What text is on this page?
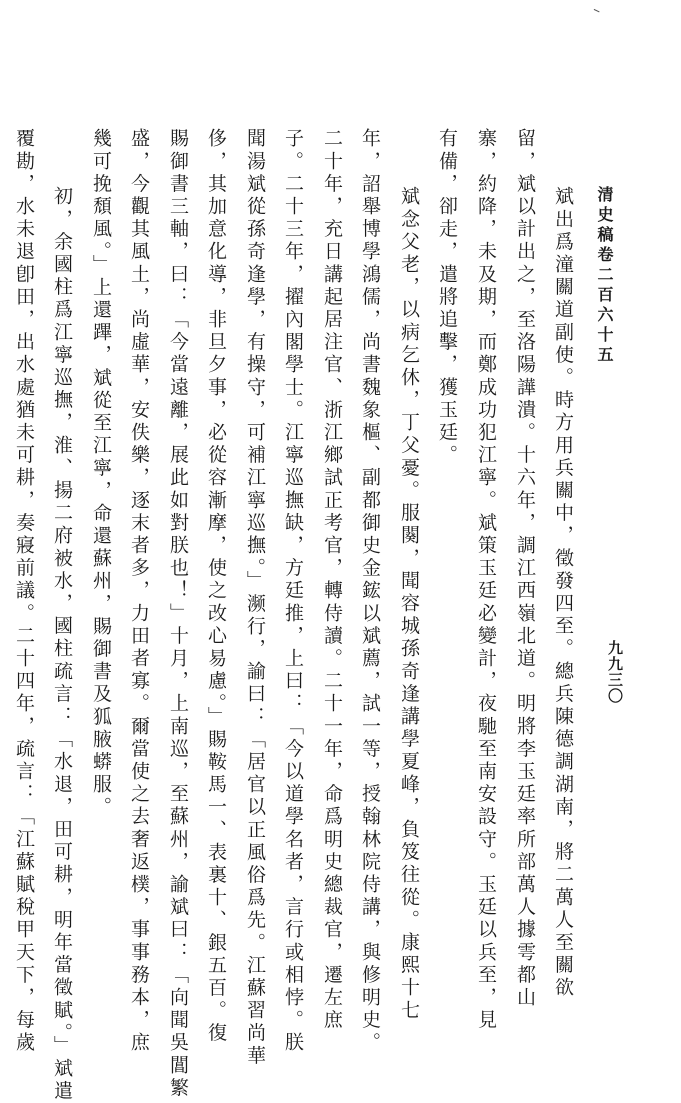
清史稿卷二百六十五
九九三〇
斌出爲潼關道副使。時方用兵關中，徵發四至。總兵陳德調湖南，將二萬人至關欲
留，斌以計出之，至洛陽譁潰。十六年，調江西嶺北道。明將李玉廷率所部萬人據雩都山
寨，約降，未及期，而鄭成功犯江寧。斌策玉廷必變計，夜馳至南安設守。玉廷以兵至，見
有備，卻走，遣將追擊，獲玉廷。
斌念父老，以病乞休，丁父憂。服闋，聞容城孫奇逢講學夏峰，負笈往從。康熙十七
年，詔舉博學鴻儒，尚書魏象樞、副都御史金鋐以斌薦，試一等，授翰林院侍講，與修明史。
二十年，充日講起居注官、浙江鄉試正考官，轉侍讀。二十一年，命爲明史總裁官，遷左庶
子。二十三年，擢內閣學士。江寧巡撫缺，方廷推，上曰：「今以道學名者，言行或相悖。朕
聞湯斌從孫奇逢學，有操守，可補江寧巡撫。」濒行，諭曰：「居官以正風俗爲先。江蘇習尚華
侈，其加意化導，非旦夕事，必從容漸摩，使之改心易慮。」賜鞍馬一、表裏十、銀五百。復
賜御書三軸，曰：「今當遠離，展此如對朕也！」十月，上南巡，至蘇州，諭斌曰：「向聞吳閶繁
盛，今觀其風土，尚虛華，安佚樂，逐末者多，力田者寡。爾當使之去奢返樸，事事務本，庶
幾可挽頹風。」上還蹕，斌從至江寧，命還蘇州，賜御書及狐腋蟒服。
初，余國柱爲江寧巡撫，淮、揚二府被水，國柱疏言：「水退，田可耕，明年當徵賦。」斌遣
覆勘，水未退卽田，出水處猶未可耕，奏寢前議。二十四年，疏言：「江蘇賦稅甲天下，每歲
